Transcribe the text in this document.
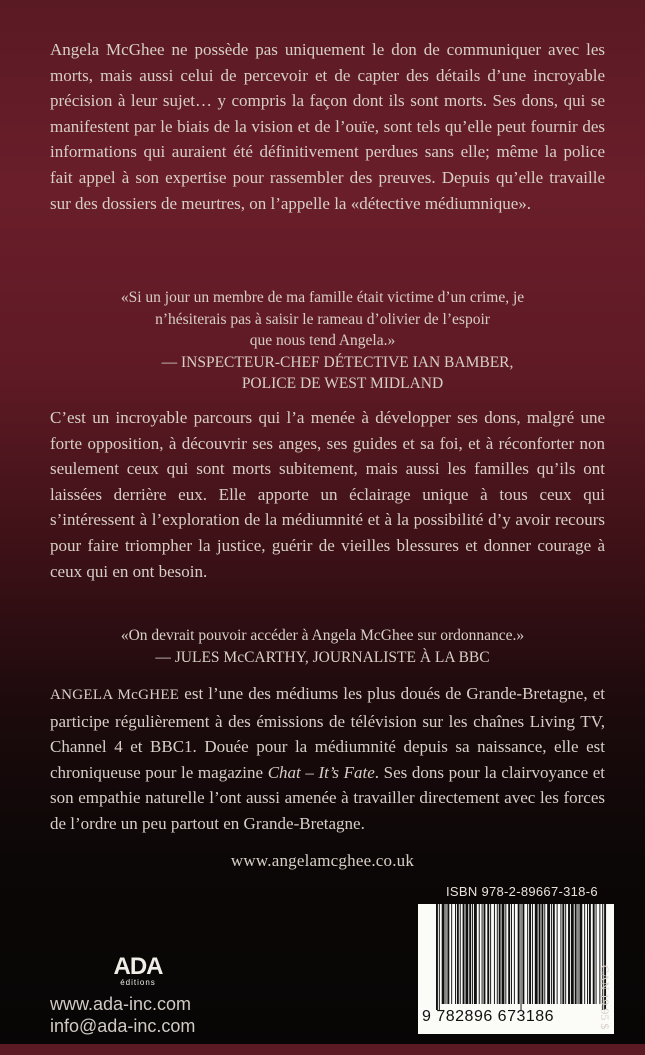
Angela McGhee ne possède pas uniquement le don de communiquer avec les morts, mais aussi celui de percevoir et de capter des détails d’une incroyable précision à leur sujet… y compris la façon dont ils sont morts. Ses dons, qui se manifestent par le biais de la vision et de l’ouïe, sont tels qu’elle peut fournir des informations qui auraient été définitivement perdues sans elle; même la police fait appel à son expertise pour rassembler des preuves. Depuis qu’elle travaille sur des dossiers de meurtres, on l’appelle la «détective médiumnique».

«Si un jour un membre de ma famille était victime d’un crime, je
n’hésiterais pas à saisir le rameau d’olivier de l’espoir
que nous tend Angela.»
— INSPECTEUR-CHEF DÉTECTIVE IAN BAMBER,
POLICE DE WEST MIDLAND

C’est un incroyable parcours qui l’a menée à développer ses dons, malgré une forte opposition, à découvrir ses anges, ses guides et sa foi, et à réconforter non seulement ceux qui sont morts subitement, mais aussi les familles qu’ils ont laissées derrière eux. Elle apporte un éclairage unique à tous ceux qui s’intéressent à l’exploration de la médiumnité et à la possibilité d’y avoir recours pour faire triompher la justice, guérir de vieilles blessures et donner courage à ceux qui en ont besoin.

«On devrait pouvoir accéder à Angela McGhee sur ordonnance.»
— JULES McCARTHY, JOURNALISTE À LA BBC

ANGELA McGHEE est l’une des médiums les plus doués de Grande-Bretagne, et participe régulièrement à des émissions de télévision sur les chaînes Living TV, Channel 4 et BBC1. Douée pour la médiumnité depuis sa naissance, elle est chroniqueuse pour le magazine Chat – It’s Fate. Ses dons pour la clairvoyance et son empathie naturelle l’ont aussi amenée à travailler directement avec les forces de l’ordre un peu partout en Grande-Bretagne.

www.angelamcghee.co.uk
ISBN 978-2-89667-318-6
9 782896 673186	CAN 19.95 $
ADA
éditions
www.ada-inc.com
info@ada-inc.com
